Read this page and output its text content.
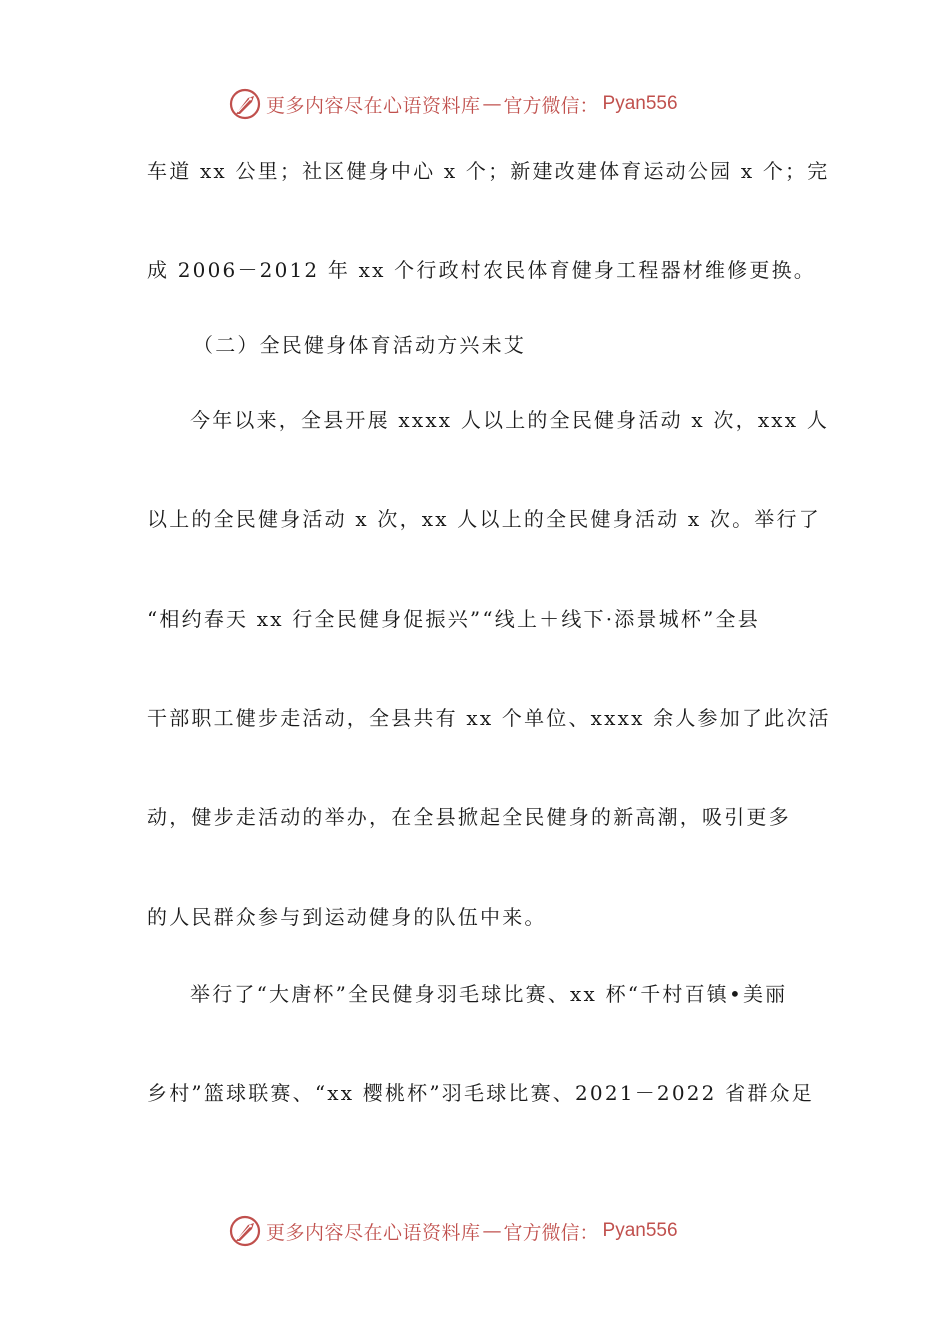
更多内容尽在心语资料库 — 官方微信： Pyan556
车道 xx 公里；社区健身中心 x 个；新建改建体育运动公园 x 个；完
成 2006－2012 年 xx 个行政村农民体育健身工程器材维修更换。
（二）全民健身体育活动方兴未艾
今年以来，全县开展 xxxx 人以上的全民健身活动 x 次，xxx 人
以上的全民健身活动 x 次，xx 人以上的全民健身活动 x 次。举行了
“相约春天 xx 行全民健身促振兴”“线上＋线下·添景城杯”全县
干部职工健步走活动，全县共有 xx 个单位、xxxx 余人参加了此次活
动，健步走活动的举办，在全县掀起全民健身的新高潮，吸引更多
的人民群众参与到运动健身的队伍中来。
举行了“大唐杯”全民健身羽毛球比赛、xx 杯“千村百镇•美丽
乡村”篮球联赛、“xx 樱桃杯”羽毛球比赛、2021－2022 省群众足
更多内容尽在心语资料库 — 官方微信： Pyan556
